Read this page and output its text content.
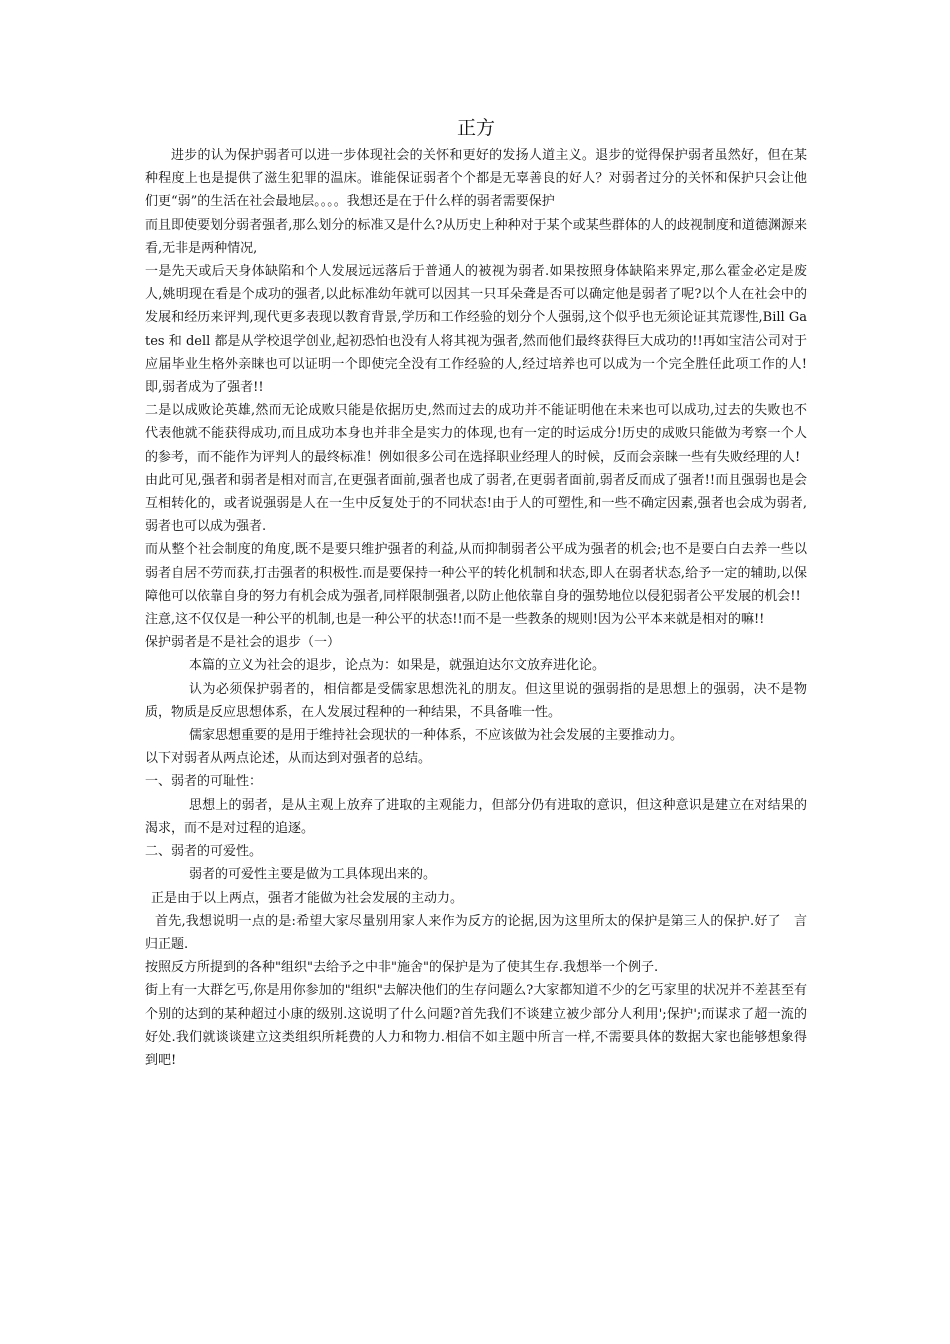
正方

进步的认为保护弱者可以进一步体现社会的关怀和更好的发扬人道主义。退步的觉得保护弱者虽然好，但在某种程度上也是提供了滋生犯罪的温床。谁能保证弱者个个都是无辜善良的好人？对弱者过分的关怀和保护只会让他们更“弱”的生活在社会最地层。。。。我想还是在于什么样的弱者需要保护

而且即使要划分弱者强者,那么划分的标准又是什么?从历史上种种对于某个或某些群体的人的歧视制度和道德渊源来看,无非是两种情况,

一是先天或后天身体缺陷和个人发展远远落后于普通人的被视为弱者.如果按照身体缺陷来界定,那么霍金必定是废人,姚明现在看是个成功的强者,以此标准幼年就可以因其一只耳朵聋是否可以确定他是弱者了呢?以个人在社会中的发展和经历来评判,现代更多表现以教育背景,学历和工作经验的划分个人强弱,这个似乎也无须论证其荒谬性,Bill Gates 和 dell 都是从学校退学创业,起初恐怕也没有人将其视为强者,然而他们最终获得巨大成功的!!再如宝洁公司对于应届毕业生格外亲睐也可以证明一个即使完全没有工作经验的人,经过培养也可以成为一个完全胜任此项工作的人!即,弱者成为了强者!!

二是以成败论英雄,然而无论成败只能是依据历史,然而过去的成功并不能证明他在未来也可以成功,过去的失败也不代表他就不能获得成功,而且成功本身也并非全是实力的体现,也有一定的时运成分!历史的成败只能做为考察一个人的参考，而不能作为评判人的最终标准！例如很多公司在选择职业经理人的时候，反而会亲睐一些有失败经理的人!

由此可见,强者和弱者是相对而言,在更强者面前,强者也成了弱者,在更弱者面前,弱者反而成了强者!!而且强弱也是会互相转化的，或者说强弱是人在一生中反复处于的不同状态!由于人的可塑性,和一些不确定因素,强者也会成为弱者,弱者也可以成为强者.

而从整个社会制度的角度,既不是要只维护强者的利益,从而抑制弱者公平成为强者的机会;也不是要白白去养一些以弱者自居不劳而获,打击强者的积极性.而是要保持一种公平的转化机制和状态,即人在弱者状态,给予一定的辅助,以保障他可以依靠自身的努力有机会成为强者,同样限制强者,以防止他依靠自身的强势地位以侵犯弱者公平发展的机会!!

注意,这不仅仅是一种公平的机制,也是一种公平的状态!!而不是一些教条的规则!因为公平本来就是相对的嘛!!

保护弱者是不是社会的退步（一）

本篇的立义为社会的退步，论点为：如果是，就强迫达尔文放弃进化论。

认为必须保护弱者的，相信都是受儒家思想洗礼的朋友。但这里说的强弱指的是思想上的强弱，决不是物质，物质是反应思想体系，在人发展过程种的一种结果，不具备唯一性。

儒家思想重要的是用于维持社会现状的一种体系，不应该做为社会发展的主要推动力。

以下对弱者从两点论述，从而达到对强者的总结。

一、弱者的可耻性：

思想上的弱者，是从主观上放弃了进取的主观能力，但部分仍有进取的意识，但这种意识是建立在对结果的渴求，而不是对过程的追逐。

二、弱者的可爱性。

弱者的可爱性主要是做为工具体现出来的。

正是由于以上两点，强者才能做为社会发展的主动力。

首先,我想说明一点的是:希望大家尽量别用家人来作为反方的论据,因为这里所太的保护是第三人的保护.好了　言归正题.

按照反方所提到的各种"组织"去给予之中非"施舍"的保护是为了使其生存.我想举一个例子.

街上有一大群乞丐,你是用你参加的"组织"去解决他们的生存问题么?大家都知道不少的乞丐家里的状况并不差甚至有个别的达到的某种超过小康的级别.这说明了什么问题?首先我们不谈建立被少部分人利用';保护';而谋求了超一流的好处.我们就谈谈建立这类组织所耗费的人力和物力.相信不如主题中所言一样,不需要具体的数据大家也能够想象得到吧!
